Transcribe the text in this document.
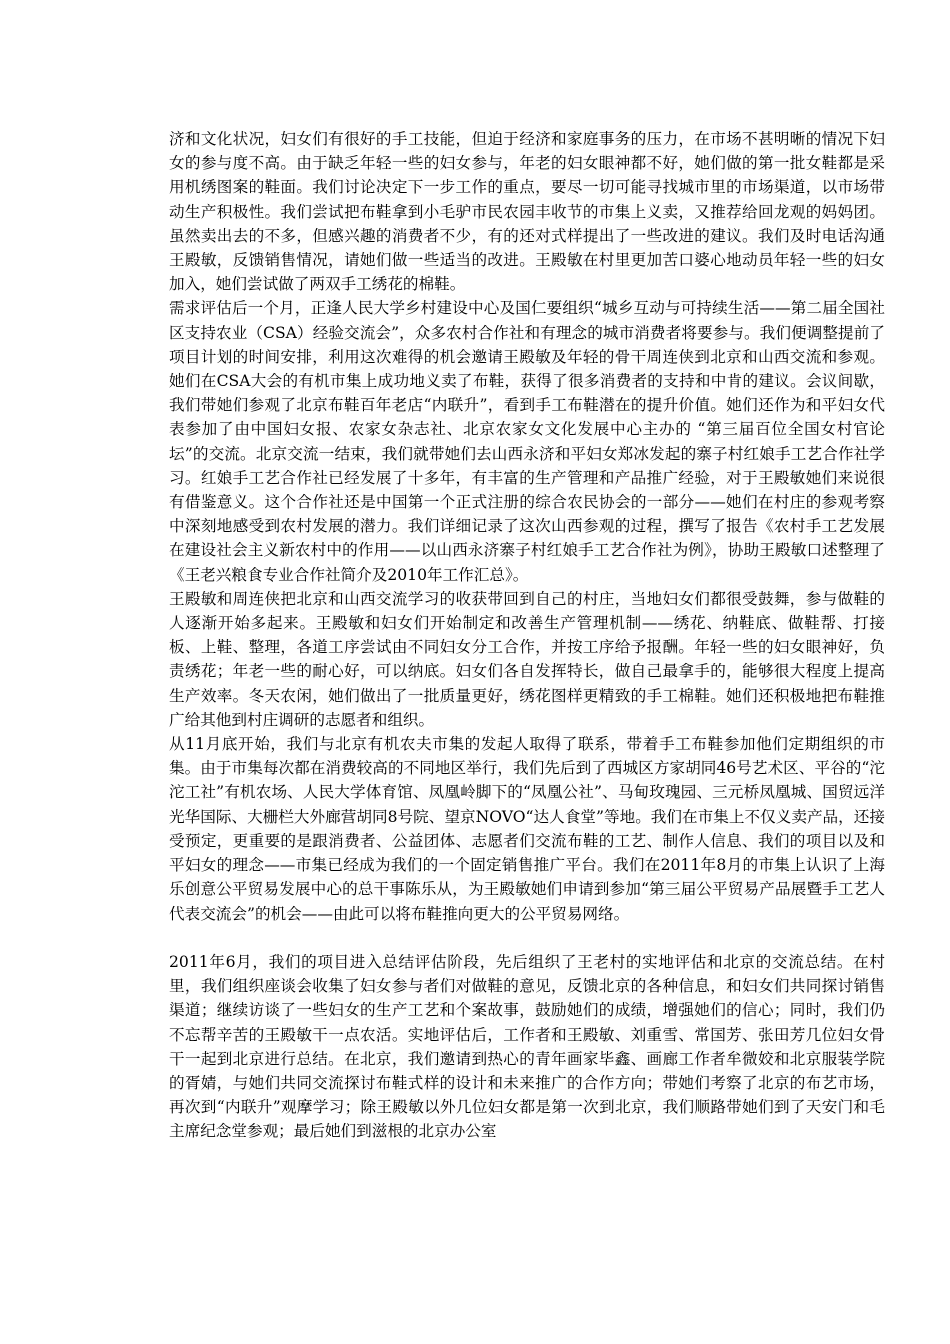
济和文化状况，妇女们有很好的手工技能，但迫于经济和家庭事务的压力，在市场不甚明晰的情况下妇女的参与度不高。由于缺乏年轻一些的妇女参与，年老的妇女眼神都不好，她们做的第一批女鞋都是采用机绣图案的鞋面。我们讨论决定下一步工作的重点，要尽一切可能寻找城市里的市场渠道，以市场带动生产积极性。我们尝试把布鞋拿到小毛驴市民农园丰收节的市集上义卖，又推荐给回龙观的妈妈团。虽然卖出去的不多，但感兴趣的消费者不少，有的还对式样提出了一些改进的建议。我们及时电话沟通王殿敏，反馈销售情况，请她们做一些适当的改进。王殿敏在村里更加苦口婆心地动员年轻一些的妇女加入，她们尝试做了两双手工绣花的棉鞋。

需求评估后一个月，正逢人民大学乡村建设中心及国仁要组织“城乡互动与可持续生活——第二届全国社区支持农业（CSA）经验交流会”，众多农村合作社和有理念的城市消费者将要参与。我们便调整提前了项目计划的时间安排，利用这次难得的机会邀请王殿敏及年轻的骨干周连侠到北京和山西交流和参观。她们在CSA大会的有机市集上成功地义卖了布鞋，获得了很多消费者的支持和中肯的建议。会议间歇，我们带她们参观了北京布鞋百年老店“内联升”，看到手工布鞋潜在的提升价值。她们还作为和平妇女代表参加了由中国妇女报、农家女杂志社、北京农家女文化发展中心主办的 “第三届百位全国女村官论坛”的交流。北京交流一结束，我们就带她们去山西永济和平妇女郑冰发起的寨子村红娘手工艺合作社学习。红娘手工艺合作社已经发展了十多年，有丰富的生产管理和产品推广经验，对于王殿敏她们来说很有借鉴意义。这个合作社还是中国第一个正式注册的综合农民协会的一部分——她们在村庄的参观考察中深刻地感受到农村发展的潜力。我们详细记录了这次山西参观的过程，撰写了报告《农村手工艺发展在建设社会主义新农村中的作用——以山西永济寨子村红娘手工艺合作社为例》，协助王殿敏口述整理了《王老兴粮食专业合作社简介及2010年工作汇总》。

王殿敏和周连侠把北京和山西交流学习的收获带回到自己的村庄，当地妇女们都很受鼓舞，参与做鞋的人逐渐开始多起来。王殿敏和妇女们开始制定和改善生产管理机制——绣花、纳鞋底、做鞋帮、打接板、上鞋、整理，各道工序尝试由不同妇女分工合作，并按工序给予报酬。年轻一些的妇女眼神好，负责绣花；年老一些的耐心好，可以纳底。妇女们各自发挥特长，做自己最拿手的，能够很大程度上提高生产效率。冬天农闲，她们做出了一批质量更好，绣花图样更精致的手工棉鞋。她们还积极地把布鞋推广给其他到村庄调研的志愿者和组织。

从11月底开始，我们与北京有机农夫市集的发起人取得了联系，带着手工布鞋参加他们定期组织的市集。由于市集每次都在消费较高的不同地区举行，我们先后到了西城区方家胡同46号艺术区、平谷的“沱沱工社”有机农场、人民大学体育馆、凤凰岭脚下的“凤凰公社”、马甸玫瑰园、三元桥凤凰城、国贸远洋光华国际、大栅栏大外廊营胡同8号院、望京NOVO“达人食堂”等地。我们在市集上不仅义卖产品，还接受预定，更重要的是跟消费者、公益团体、志愿者们交流布鞋的工艺、制作人信息、我们的项目以及和平妇女的理念——市集已经成为我们的一个固定销售推广平台。我们在2011年8月的市集上认识了上海乐创意公平贸易发展中心的总干事陈乐从，为王殿敏她们申请到参加“第三届公平贸易产品展暨手工艺人代表交流会”的机会——由此可以将布鞋推向更大的公平贸易网络。

2011年6月，我们的项目进入总结评估阶段，先后组织了王老村的实地评估和北京的交流总结。在村里，我们组织座谈会收集了妇女参与者们对做鞋的意见，反馈北京的各种信息，和妇女们共同探讨销售渠道；继续访谈了一些妇女的生产工艺和个案故事，鼓励她们的成绩，增强她们的信心；同时，我们仍不忘帮辛苦的王殿敏干一点农活。实地评估后，工作者和王殿敏、刘重雪、常国芳、张田芳几位妇女骨干一起到北京进行总结。在北京，我们邀请到热心的青年画家毕鑫、画廊工作者牟微姣和北京服装学院的胥婧，与她们共同交流探讨布鞋式样的设计和未来推广的合作方向；带她们考察了北京的布艺市场，再次到“内联升”观摩学习；除王殿敏以外几位妇女都是第一次到北京，我们顺路带她们到了天安门和毛主席纪念堂参观；最后她们到滋根的北京办公室
